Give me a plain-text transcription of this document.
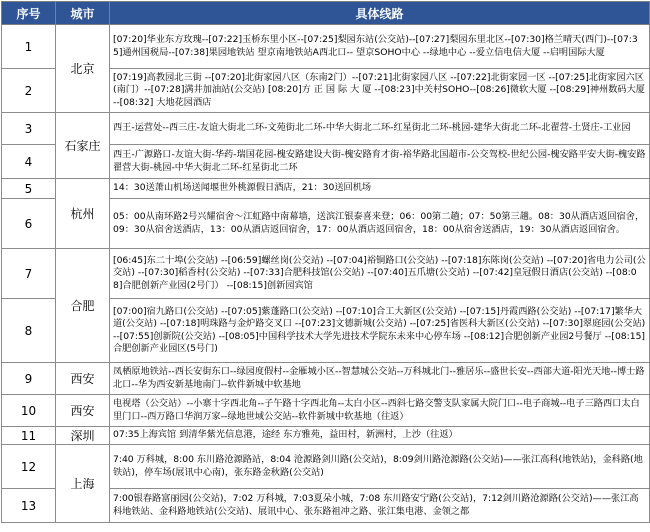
序号	城市	具体线路
1	北京	[07:20]华业东方玫瑰--[07:22]玉桥东里小区--[07:25]梨园东站(公交站)--[07:27]梨园东里北区--[07:30]格兰晴天(西门)--[07:35]通州国税局--[07:38]果园地铁站 望京南地铁站A西北口-- 望京SOHO中心 --绿地中心 --爱立信电信大厦 --启明国际大厦
2		[07:19]高教园北三街 --[07:20]北街家园八区（东南2门）--[07:21]北街家园八区 --[07:22]北街家园一区 --[07:25]北街家园六区(南门）--[07:28]满井加油站(公交站) [08:20]方 正 国 际 大 厦 --[08:23]中关村SOHO--[08:26]微软大厦 --[08:29]神州数码大厦 --[08:32] 大地花园酒店
3	石家庄	西王-运营处--西三庄-友谊大街北二环-文苑街北二环-中华大街北二环-红星街北二环-桃园-建华大街北二环-北翟营-土贤庄-工业园
4		西王-广源路口-友谊大街-华药-瑞国花园-槐安路建设大街-槐安路育才街-裕华路北国超市-公交驾校-世纪公园-槐安路平安大街-槐安路翟营大街-桃园-中华大街北二环-红星街北二环
5	杭州	14：30送萧山机场送闻堰世外桃源假日酒店，21：30送回机场
6		05：00从南环路2号兴耀宿舍～江虹路中南幕墙，送滨江银泰喜来登；06：00第二趟；07：50第三趟。08：30从酒店返回宿舍，09：30从宿舍送酒店，13：00从酒店返回宿舍，17：00从酒店返回宿舍，18：00从宿舍送酒店，19：30从酒店返回宿舍。
7	合肥	[06:45]东二十埠(公交站) --[06:59]螺丝岗(公交站) --[07:04]裕铜路口(公交站) --[07:18]东陈岗(公交站) --[07:20]省电力公司(公交站) --[07:30]稻香村(公交站) --[07:33]合肥科技馆(公交站) --[07:40]五爪塘(公交站) --[07:42]皇冠假日酒店(公交站) --[08:08]合肥创新产业园(2号门） --[08:15]创新园宾馆
8		[07:00]宿九路口(公交站) --[07:05]紫蓬路口(公交站) --[07:10]合工大新区(公交站) --[07:15]丹霞西路(公交站) --[07:17]繁华大道(公交站) --[07:18]明珠路与金炉路交叉口 --[07:23]文德新城(公交站) --[07:25]省医科大新区(公交站) --[07:30]翠庭园(公交站) --[07:55]创新院(公交站) --[08:05]中国科学技术大学先进技术学院东未来中心停车场 --[08:12]合肥创新产业园2号餐厅 --[08:15]合肥创新产业园区(5号门)
9	西安	凤栖原地铁站--西长安街东口--绿园度假村--金雁城小区--智慧城公交站--万科城北门--雅居乐--盛世长安--西部大道-阳光天地--博士路北口--华为西安新基地南门--软件新城中软基地
10	西安	电视塔（公交站）--小寨十字西北角--子午路十字西北角--太白小区--西斜七路交警支队家属大院门口--电子商城--电子三路西口太白里门口--西万路口华润万家--绿地世域公交站--软件新城中软基地（往返）
11	深圳	07:35上海宾馆 到清华紫光信息港，途经 东方雅苑，益田村，新洲村，上沙（往返）
12	上海	7:40 万科城，8:00 东川路沧源路站，8:04 沧源路剑川路(公交站)，8:09剑川路沧源路(公交站)——张江高科(地铁站)，金科路(地铁站)，停车场(展讯中心南)，张东路金秋路(公交站)
13		7:00银春路富丽园(公交站)，7:02 万科城，7:03夏朵小城，7:08 东川路安宁路(公交站)，7:12剑川路沧源路(公交站)——张江高科地铁站、金科路地铁站(公交站)、展讯中心、张东路祖冲之路、张江集电港、金领之都
